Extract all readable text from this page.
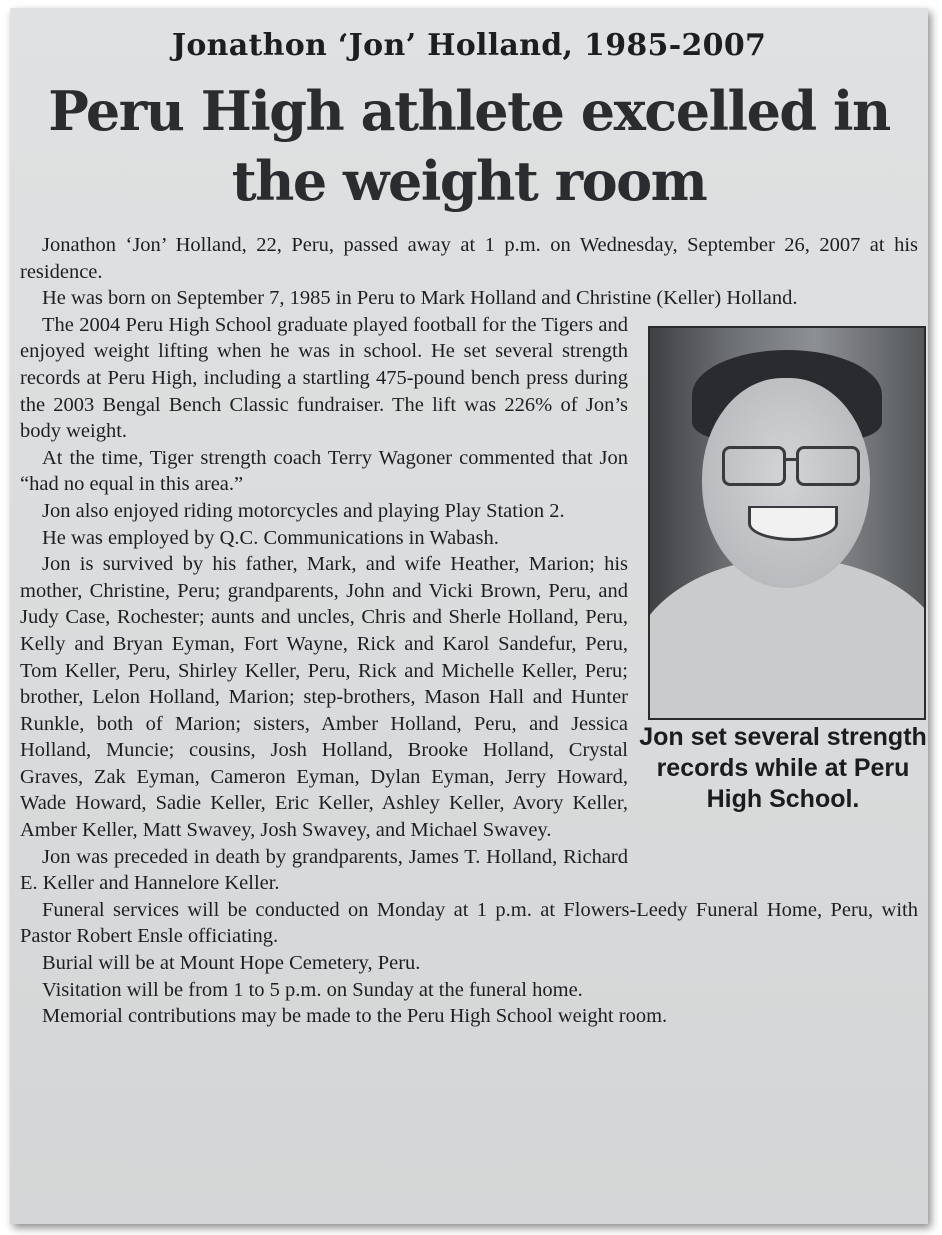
Jonathon ‘Jon’ Holland, 1985-2007
Peru High athlete excelled in the weight room

Jonathon ‘Jon’ Holland, 22, Peru, passed away at 1 p.m. on Wednesday, September 26, 2007 at his residence.

He was born on September 7, 1985 in Peru to Mark Holland and Christine (Keller) Holland.

Jon set several strength records while at Peru High School.

The 2004 Peru High School graduate played football for the Tigers and enjoyed weight lifting when he was in school. He set several strength records at Peru High, including a startling 475-pound bench press during the 2003 Bengal Bench Classic fundraiser. The lift was 226% of Jon’s body weight.

At the time, Tiger strength coach Terry Wagoner commented that Jon “had no equal in this area.”

Jon also enjoyed riding motorcycles and playing Play Station 2.

He was employed by Q.C. Communications in Wabash.

Jon is survived by his father, Mark, and wife Heather, Marion; his mother, Christine, Peru; grandparents, John and Vicki Brown, Peru, and Judy Case, Rochester; aunts and uncles, Chris and Sherle Holland, Peru, Kelly and Bryan Eyman, Fort Wayne, Rick and Karol Sandefur, Peru, Tom Keller, Peru, Shirley Keller, Peru, Rick and Michelle Keller, Peru; brother, Lelon Holland, Marion; step-brothers, Mason Hall and Hunter Runkle, both of Marion; sisters, Amber Holland, Peru, and Jessica Holland, Muncie; cousins, Josh Holland, Brooke Holland, Crystal Graves, Zak Eyman, Cameron Eyman, Dylan Eyman, Jerry Howard, Wade Howard, Sadie Keller, Eric Keller, Ashley Keller, Avory Keller, Amber Keller, Matt Swavey, Josh Swavey, and Michael Swavey.

Jon was preceded in death by grandparents, James T. Holland, Richard E. Keller and Hannelore Keller.

Funeral services will be conducted on Monday at 1 p.m. at Flowers-Leedy Funeral Home, Peru, with Pastor Robert Ensle officiating.

Burial will be at Mount Hope Cemetery, Peru.

Visitation will be from 1 to 5 p.m. on Sunday at the funeral home.

Memorial contributions may be made to the Peru High School weight room.
